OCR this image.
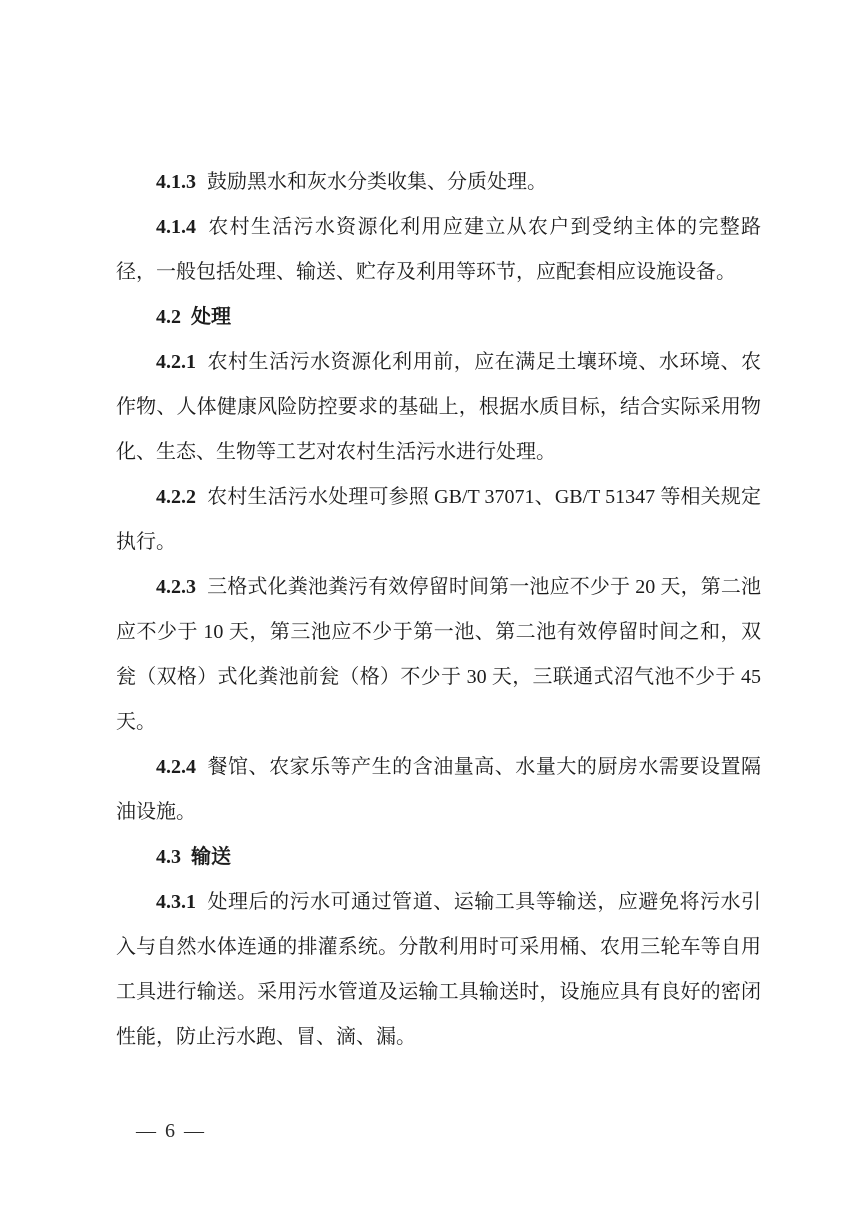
4.1.3 鼓励黑水和灰水分类收集、分质处理。

4.1.4 农村生活污水资源化利用应建立从农户到受纳主体的完整路径，一般包括处理、输送、贮存及利用等环节，应配套相应设施设备。

4.2 处理

4.2.1 农村生活污水资源化利用前，应在满足土壤环境、水环境、农作物、人体健康风险防控要求的基础上，根据水质目标，结合实际采用物化、生态、生物等工艺对农村生活污水进行处理。

4.2.2 农村生活污水处理可参照 GB/T 37071、GB/T 51347 等相关规定执行。

4.2.3 三格式化粪池粪污有效停留时间第一池应不少于 20 天，第二池应不少于 10 天，第三池应不少于第一池、第二池有效停留时间之和，双瓮（双格）式化粪池前瓮（格）不少于 30 天，三联通式沼气池不少于 45 天。

4.2.4 餐馆、农家乐等产生的含油量高、水量大的厨房水需要设置隔油设施。

4.3 输送

4.3.1 处理后的污水可通过管道、运输工具等输送，应避免将污水引入与自然水体连通的排灌系统。分散利用时可采用桶、农用三轮车等自用工具进行输送。采用污水管道及运输工具输送时，设施应具有良好的密闭性能，防止污水跑、冒、滴、漏。

— 6 —
